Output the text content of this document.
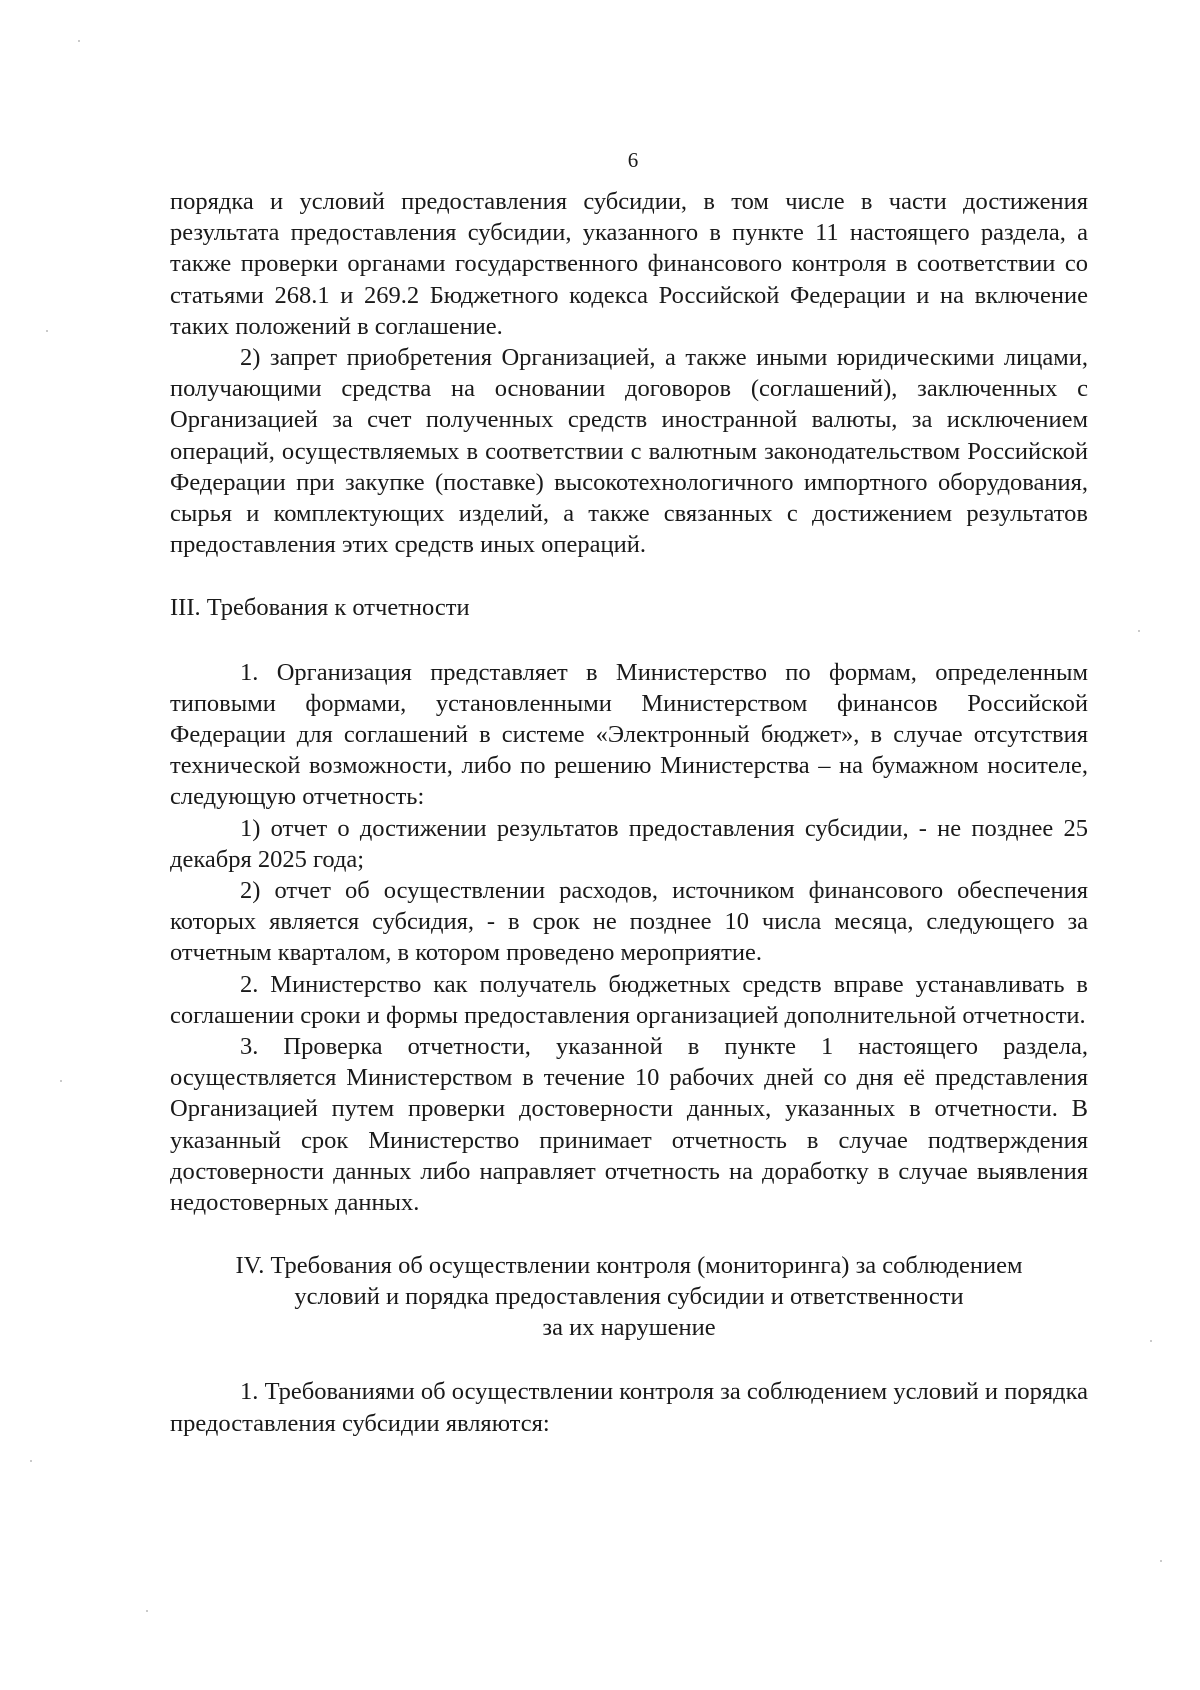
6

порядка и условий предоставления субсидии, в том числе в части достижения результата предоставления субсидии, указанного в пункте 11 настоящего раздела, а также проверки органами государственного финансового контроля в соответствии со статьями 268.1 и 269.2 Бюджетного кодекса Российской Федерации и на включение таких положений в соглашение.

2) запрет приобретения Организацией, а также иными юридическими лицами, получающими средства на основании договоров (соглашений), заключенных с Организацией за счет полученных средств иностранной валюты, за исключением операций, осуществляемых в соответствии с валютным законодательством Российской Федерации при закупке (поставке) высокотехнологичного импортного оборудования, сырья и комплектующих изделий, а также связанных с достижением результатов предоставления этих средств иных операций.

III. Требования к отчетности

1. Организация представляет в Министерство по формам, определенным типовыми формами, установленными Министерством финансов Российской Федерации для соглашений в системе «Электронный бюджет», в случае отсутствия технической возможности, либо по решению Министерства – на бумажном носителе, следующую отчетность:

1) отчет о достижении результатов предоставления субсидии, - не позднее 25 декабря 2025 года;

2) отчет об осуществлении расходов, источником финансового обеспечения которых является субсидия, - в срок не позднее 10 числа месяца, следующего за отчетным кварталом, в котором проведено мероприятие.

2. Министерство как получатель бюджетных средств вправе устанавливать в соглашении сроки и формы предоставления организацией дополнительной отчетности.

3. Проверка отчетности, указанной в пункте 1 настоящего раздела, осуществляется Министерством в течение 10 рабочих дней со дня её представления Организацией путем проверки достоверности данных, указанных в отчетности. В указанный срок Министерство принимает отчетность в случае подтверждения достоверности данных либо направляет отчетность на доработку в случае выявления недостоверных данных.

IV. Требования об осуществлении контроля (мониторинга) за соблюдением
условий и порядка предоставления субсидии и ответственности
за их нарушение

1. Требованиями об осуществлении контроля за соблюдением условий и порядка предоставления субсидии являются:
